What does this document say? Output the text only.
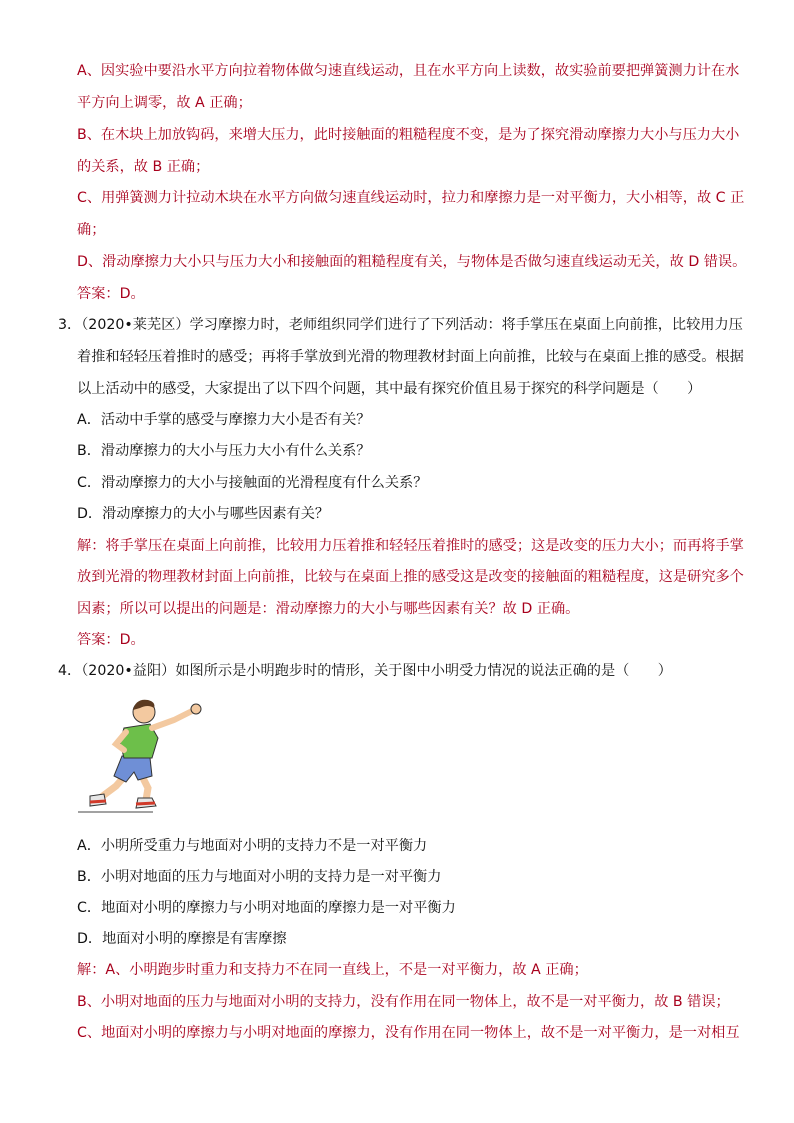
A、因实验中要沿水平方向拉着物体做匀速直线运动，且在水平方向上读数，故实验前要把弹簧测力计在水
平方向上调零，故 A 正确；
B、在木块上加放钩码，来增大压力，此时接触面的粗糙程度不变，是为了探究滑动摩擦力大小与压力大小
的关系，故 B 正确；
C、用弹簧测力计拉动木块在水平方向做匀速直线运动时，拉力和摩擦力是一对平衡力，大小相等，故 C 正
确；
D、滑动摩擦力大小只与压力大小和接触面的粗糙程度有关，与物体是否做匀速直线运动无关，故 D 错误。
答案：D。
3．（2020•莱芜区）学习摩擦力时，老师组织同学们进行了下列活动：将手掌压在桌面上向前推，比较用力压
着推和轻轻压着推时的感受；再将手掌放到光滑的物理教材封面上向前推，比较与在桌面上推的感受。根据
以上活动中的感受，大家提出了以下四个问题，其中最有探究价值且易于探究的科学问题是（　　）
A．活动中手掌的感受与摩擦力大小是否有关？
B．滑动摩擦力的大小与压力大小有什么关系？
C．滑动摩擦力的大小与接触面的光滑程度有什么关系？
D．滑动摩擦力的大小与哪些因素有关？
解：将手掌压在桌面上向前推，比较用力压着推和轻轻压着推时的感受；这是改变的压力大小；而再将手掌
放到光滑的物理教材封面上向前推，比较与在桌面上推的感受这是改变的接触面的粗糙程度，这是研究多个
因素；所以可以提出的问题是：滑动摩擦力的大小与哪些因素有关？故 D 正确。
答案：D。
4．（2020•益阳）如图所示是小明跑步时的情形，关于图中小明受力情况的说法正确的是（　　）
A．小明所受重力与地面对小明的支持力不是一对平衡力
B．小明对地面的压力与地面对小明的支持力是一对平衡力
C．地面对小明的摩擦力与小明对地面的摩擦力是一对平衡力
D．地面对小明的摩擦是有害摩擦
解：A、小明跑步时重力和支持力不在同一直线上，不是一对平衡力，故 A 正确；
B、小明对地面的压力与地面对小明的支持力，没有作用在同一物体上，故不是一对平衡力，故 B 错误；
C、地面对小明的摩擦力与小明对地面的摩擦力，没有作用在同一物体上，故不是一对平衡力，是一对相互
